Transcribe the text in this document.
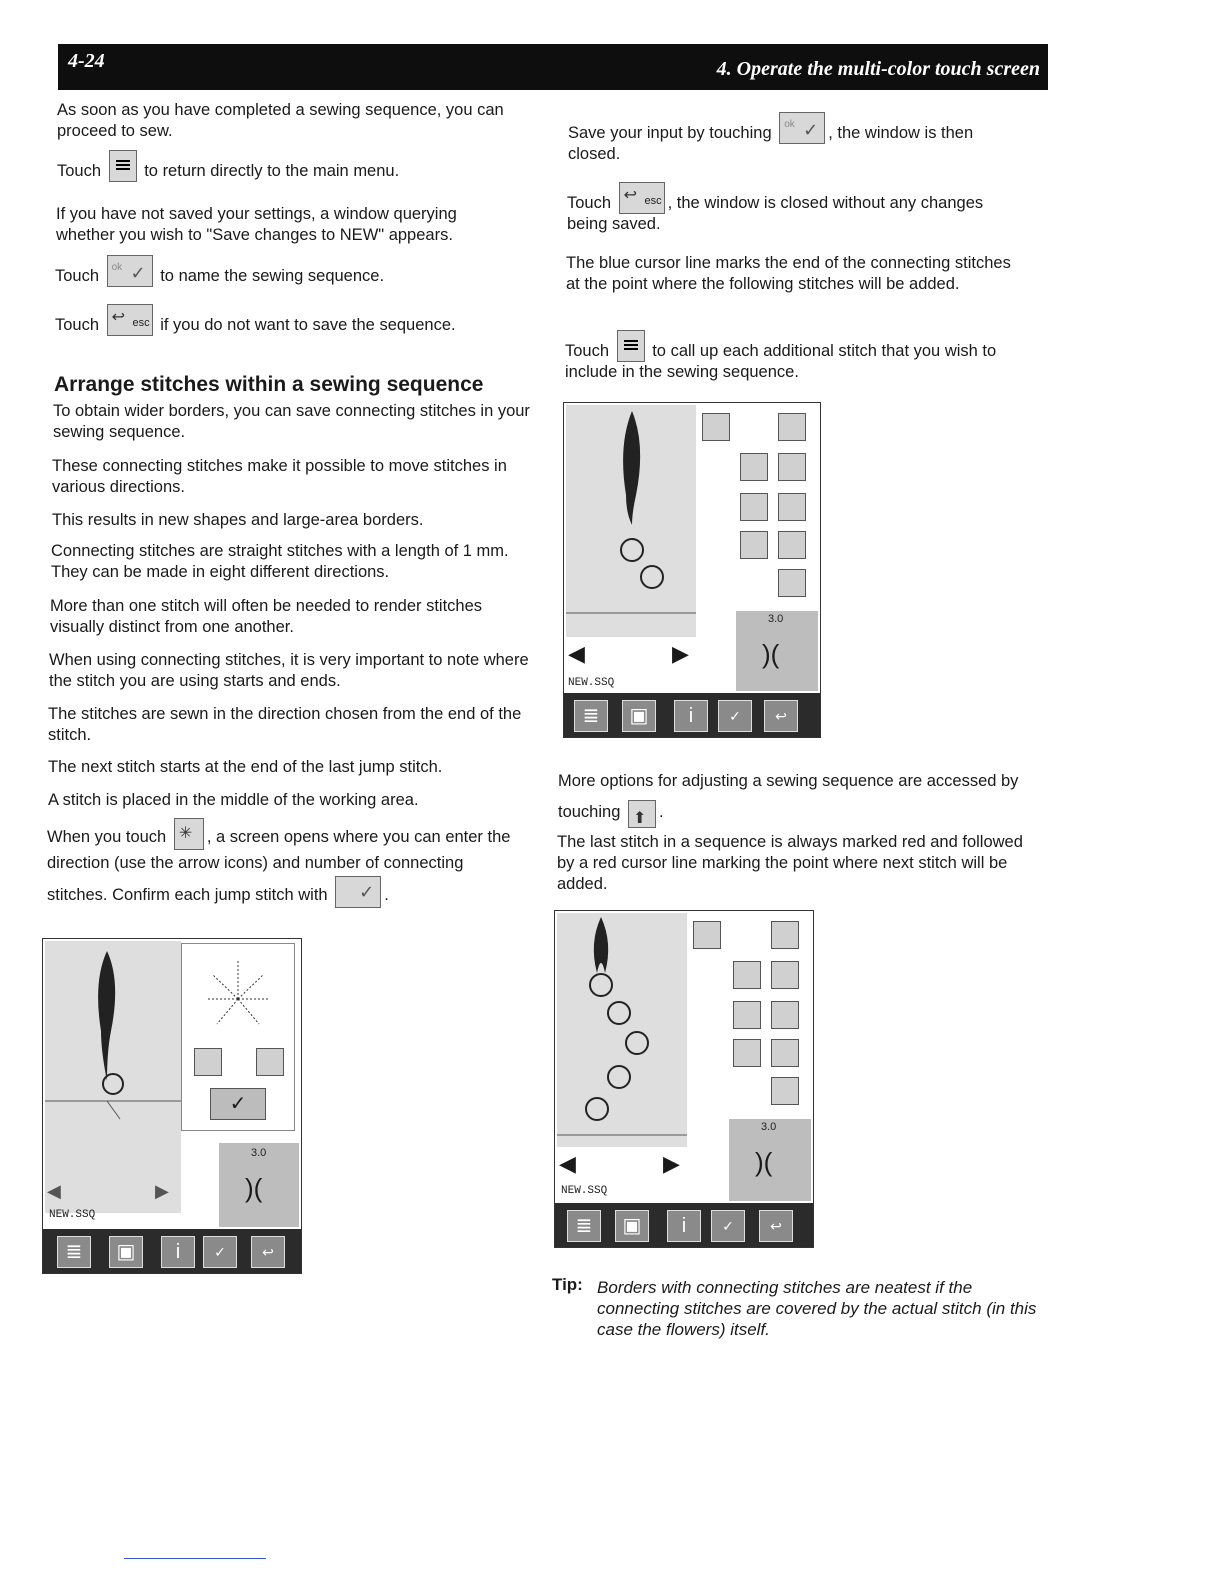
4-24	4. Operate the multi-color touch screen
As soon as you have completed a sewing sequence, you can proceed to sew.
Touch	to return directly to the main menu.
If you have not saved your settings, a window querying whether you wish to "Save changes to NEW" appears.
Touch ok ✓ to name the sewing sequence.
Touch ↩ esc if you do not want to save the sequence.
Arrange stitches within a sewing sequence
To obtain wider borders, you can save connecting stitches in your sewing sequence.
These connecting stitches make it possible to move stitches in various directions.
This results in new shapes and large-area borders.
Connecting stitches are straight stitches with a length of 1 mm. They can be made in eight different directions.
More than one stitch will often be needed to render stitches visually distinct from one another.
When using connecting stitches, it is very important to note where the stitch you are using starts and ends.
The stitches are sewn in the direction chosen from the end of the stitch.
The next stitch starts at the end of the last jump stitch.
A stitch is placed in the middle of the working area.
When you touch ✳ , a screen opens where you can enter the direction (use the arrow icons) and number of connecting stitches. Confirm each jump stitch with ✓ .
✓
3.0
)(
◀	▶
NEW.SSQ
≣	▣	i	✓	↩
Save your input by touching ok ✓ , the window is then closed.
Touch ↩ esc , the window is closed without any changes being saved.
The blue cursor line marks the end of the connecting stitches at the point where the following stitches will be added.
Touch	to call up each additional stitch that you wish to include in the sewing sequence.
3.0
)(
◀	▶
NEW.SSQ
≣	▣	i	✓	↩
More options for adjusting a sewing sequence are accessed by touching ⬆ .
The last stitch in a sequence is always marked red and followed by a red cursor line marking the point where next stitch will be added.
3.0
)(
◀	▶
NEW.SSQ
≣	▣	i	✓	↩
Tip: Borders with connecting stitches are neatest if the connecting stitches are covered by the actual stitch (in this case the flowers) itself.
